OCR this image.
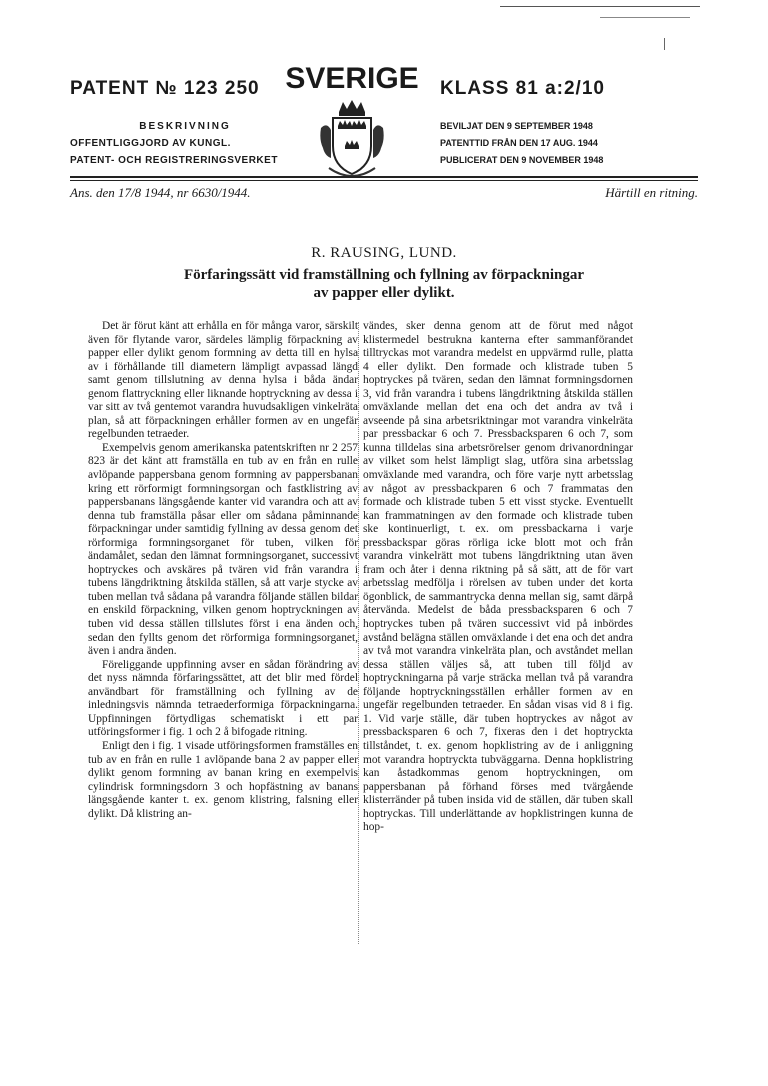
PATENT № 123 250
BESKRIVNING
OFFENTLIGGJORD AV KUNGL.
PATENT- OCH REGISTRERINGSVERKET
SVERIGE KLASS 81 a:2/10
BEVILJAT DEN 9 SEPTEMBER 1948
PATENTTID FRÅN DEN 17 AUG. 1944
PUBLICERAT DEN 9 NOVEMBER 1948
Ans. den 17/8 1944, nr 6630/1944.	Härtill en ritning.
R. RAUSING, LUND.
Förfaringssätt vid framställning och fyllning av förpackningar
av papper eller dylikt.

Det är förut känt att erhålla en för många varor, särskilt även för flytande varor, särdeles lämplig förpackning av papper eller dylikt genom formning av detta till en hylsa av i förhållande till diametern lämpligt avpassad längd samt genom tillslutning av denna hylsa i båda ändar genom flattryckning eller liknande hoptryckning av dessa i var sitt av två gentemot varandra huvudsakligen vinkelräta plan, så att förpackningen erhåller formen av en ungefär regelbunden tetraeder.

Exempelvis genom amerikanska patentskriften nr 2 257 823 är det känt att framställa en tub av en från en rulle avlöpande pappersbana genom formning av pappersbanan kring ett rörformigt formningsorgan och fastklistring av pappersbanans längsgående kanter vid varandra och att av denna tub framställa påsar eller om sådana påminnande förpackningar under samtidig fyllning av dessa genom det rörformiga formningsorganet för tuben, vilken för ändamålet, sedan den lämnat formningsorganet, successivt hoptryckes och avskäres på tvären vid från varandra i tubens längdriktning åtskilda ställen, så att varje stycke av tuben mellan två sådana på varandra följande ställen bildar en enskild förpackning, vilken genom hoptryckningen av tuben vid dessa ställen tillslutes först i ena änden och, sedan den fyllts genom det rörformiga formningsorganet, även i andra änden.

Föreliggande uppfinning avser en sådan förändring av det nyss nämnda förfaringssättet, att det blir med fördel användbart för framställning och fyllning av de inledningsvis nämnda tetraederformiga förpackningarna. Uppfinningen förtydligas schematiskt i ett par utföringsformer i fig. 1 och 2 å bifogade ritning.

Enligt den i fig. 1 visade utföringsformen framställes en tub av en från en rulle 1 avlöpande bana 2 av papper eller dylikt genom formning av banan kring en exempelvis cylindrisk formningsdorn 3 och hopfästning av banans längsgående kanter t. ex. genom klistring, falsning eller dylikt. Då klistring an-

vändes, sker denna genom att de förut med något klistermedel bestrukna kanterna efter sammanförandet tilltryckas mot varandra medelst en uppvärmd rulle, platta 4 eller dylikt. Den formade och klistrade tuben 5 hoptryckes på tvären, sedan den lämnat formningsdornen 3, vid från varandra i tubens längdriktning åtskilda ställen omväxlande mellan det ena och det andra av två i avseende på sina arbetsriktningar mot varandra vinkelräta par pressbackar 6 och 7. Pressbacksparen 6 och 7, som kunna tilldelas sina arbetsrörelser genom drivanordningar av vilket som helst lämpligt slag, utföra sina arbetsslag omväxlande med varandra, och före varje nytt arbetsslag av något av pressbackparen 6 och 7 frammatas den formade och klistrade tuben 5 ett visst stycke. Eventuellt kan frammatningen av den formade och klistrade tuben ske kontinuerligt, t. ex. om pressbackarna i varje pressbackspar göras rörliga icke blott mot och från varandra vinkelrätt mot tubens längdriktning utan även fram och åter i denna riktning på så sätt, att de för vart arbetsslag medfölja i rörelsen av tuben under det korta ögonblick, de sammantrycka denna mellan sig, samt därpå återvända. Medelst de båda pressbacksparen 6 och 7 hoptryckes tuben på tvären successivt vid på inbördes avstånd belägna ställen omväxlande i det ena och det andra av två mot varandra vinkelräta plan, och avståndet mellan dessa ställen väljes så, att tuben till följd av hoptryckningarna på varje sträcka mellan två på varandra följande hoptryckningsställen erhåller formen av en ungefär regelbunden tetraeder. En sådan visas vid 8 i fig. 1. Vid varje ställe, där tuben hoptryckes av något av pressbacksparen 6 och 7, fixeras den i det hoptryckta tillståndet, t. ex. genom hopklistring av de i anliggning mot varandra hoptryckta tubväggarna. Denna hopklistring kan åstadkommas genom hoptryckningen, om pappersbanan på förhand förses med tvärgående klisterränder på tuben insida vid de ställen, där tuben skall hoptryckas. Till underlättande av hopklistringen kunna de hop-
